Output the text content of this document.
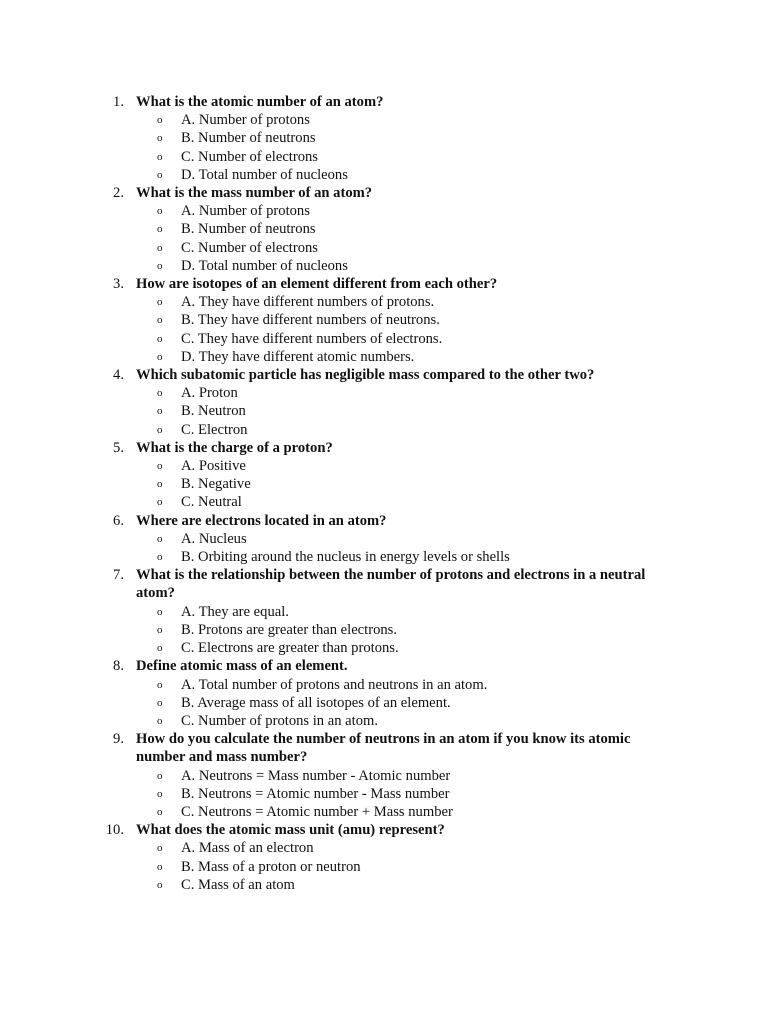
1. What is the atomic number of an atom?
o A. Number of protons
o B. Number of neutrons
o C. Number of electrons
o D. Total number of nucleons
2. What is the mass number of an atom?
o A. Number of protons
o B. Number of neutrons
o C. Number of electrons
o D. Total number of nucleons
3. How are isotopes of an element different from each other?
o A. They have different numbers of protons.
o B. They have different numbers of neutrons.
o C. They have different numbers of electrons.
o D. They have different atomic numbers.
4. Which subatomic particle has negligible mass compared to the other two?
o A. Proton
o B. Neutron
o C. Electron
5. What is the charge of a proton?
o A. Positive
o B. Negative
o C. Neutral
6. Where are electrons located in an atom?
o A. Nucleus
o B. Orbiting around the nucleus in energy levels or shells
7. What is the relationship between the number of protons and electrons in a neutral atom?
o A. They are equal.
o B. Protons are greater than electrons.
o C. Electrons are greater than protons.
8. Define atomic mass of an element.
o A. Total number of protons and neutrons in an atom.
o B. Average mass of all isotopes of an element.
o C. Number of protons in an atom.
9. How do you calculate the number of neutrons in an atom if you know its atomic number and mass number?
o A. Neutrons = Mass number - Atomic number
o B. Neutrons = Atomic number - Mass number
o C. Neutrons = Atomic number + Mass number
10. What does the atomic mass unit (amu) represent?
o A. Mass of an electron
o B. Mass of a proton or neutron
o C. Mass of an atom
